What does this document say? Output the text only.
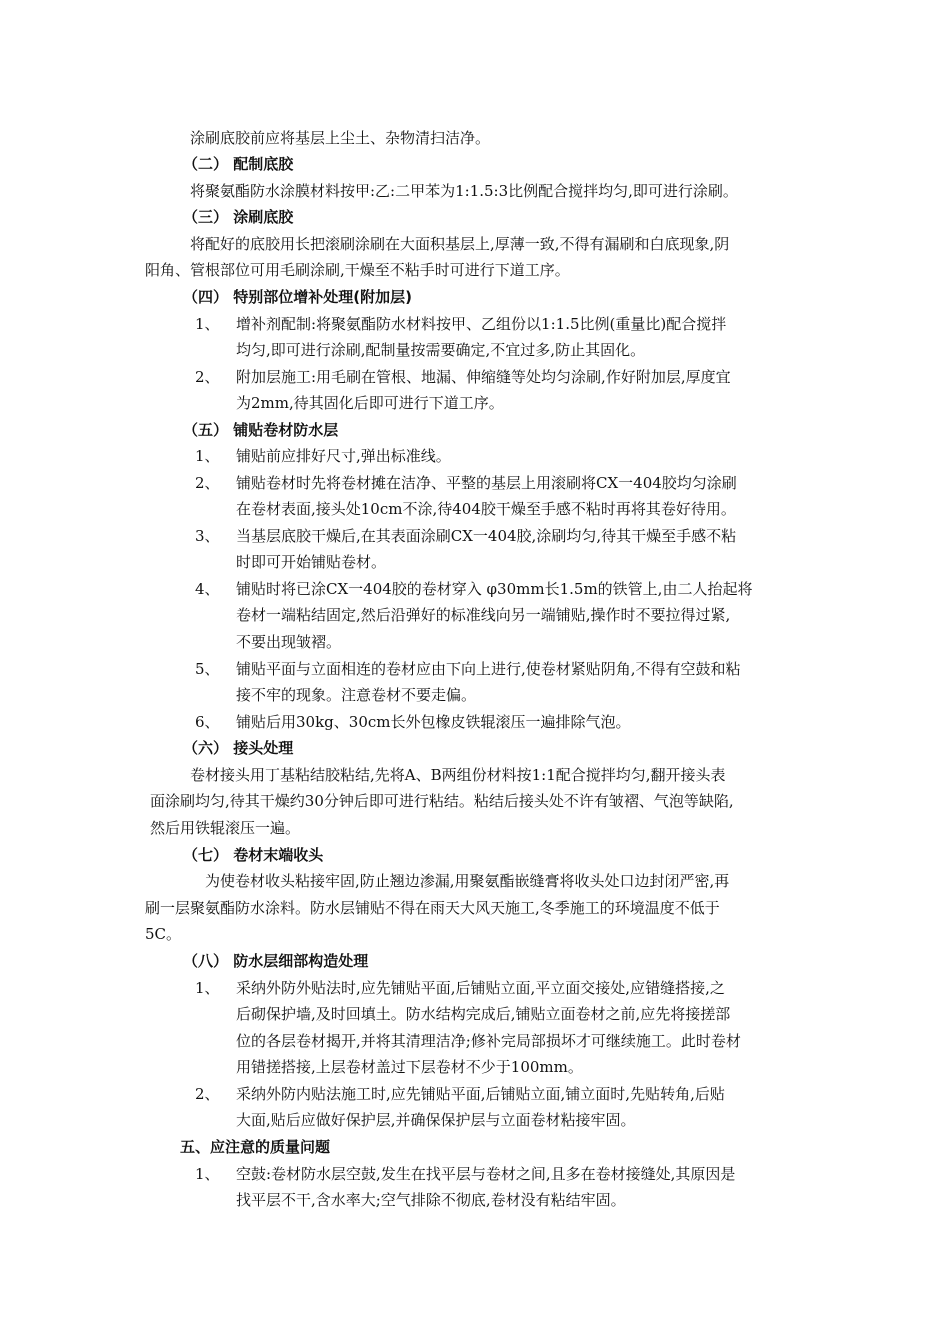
涂刷底胶前应将基层上尘土、杂物清扫洁净。
（二） 配制底胶
将聚氨酯防水涂膜材料按甲:乙:二甲苯为1:1.5:3比例配合搅拌均匀,即可进行涂刷。
（三） 涂刷底胶
将配好的底胶用长把滚刷涂刷在大面积基层上,厚薄一致,不得有漏刷和白底现象,阴
阳角、管根部位可用毛刷涂刷,干燥至不粘手时可进行下道工序。
（四） 特别部位增补处理(附加层)
1、 增补剂配制:将聚氨酯防水材料按甲、乙组份以1:1.5比例(重量比)配合搅拌
均匀,即可进行涂刷,配制量按需要确定,不宜过多,防止其固化。
2、 附加层施工:用毛刷在管根、地漏、伸缩缝等处均匀涂刷,作好附加层,厚度宜
为2mm,待其固化后即可进行下道工序。
（五） 铺贴卷材防水层
1、 铺贴前应排好尺寸,弹出标准线。
2、 铺贴卷材时先将卷材摊在洁净、平整的基层上用滚刷将CX一404胶均匀涂刷
在卷材表面,接头处10cm不涂,待404胶干燥至手感不粘时再将其卷好待用。
3、 当基层底胶干燥后,在其表面涂刷CX一404胶,涂刷均匀,待其干燥至手感不粘
时即可开始铺贴卷材。
4、 铺贴时将已涂CX一404胶的卷材穿入 φ30mm长1.5m的铁管上,由二人抬起将
卷材一端粘结固定,然后沿弹好的标准线向另一端铺贴,操作时不要拉得过紧,
不要出现皱褶。
5、 铺贴平面与立面相连的卷材应由下向上进行,使卷材紧贴阴角,不得有空鼓和粘
接不牢的现象。注意卷材不要走偏。
6、 铺贴后用30kg、30cm长外包橡皮铁辊滚压一遍排除气泡。
（六） 接头处理
卷材接头用丁基粘结胶粘结,先将A、B两组份材料按1:1配合搅拌均匀,翻开接头表
面涂刷均匀,待其干燥约30分钟后即可进行粘结。粘结后接头处不许有皱褶、气泡等缺陷,
然后用铁辊滚压一遍。
（七） 卷材末端收头
为使卷材收头粘接牢固,防止翘边渗漏,用聚氨酯嵌缝膏将收头处口边封闭严密,再
刷一层聚氨酯防水涂料。防水层铺贴不得在雨天大风天施工,冬季施工的环境温度不低于
5C。
（八） 防水层细部构造处理
1、 采纳外防外贴法时,应先铺贴平面,后铺贴立面,平立面交接处,应错缝搭接,之
后砌保护墙,及时回填土。防水结构完成后,铺贴立面卷材之前,应先将接搓部
位的各层卷材揭开,并将其清理洁净;修补完局部损坏才可继续施工。此时卷材
用错搓搭接,上层卷材盖过下层卷材不少于100mm。
2、 采纳外防内贴法施工时,应先铺贴平面,后铺贴立面,铺立面时,先贴转角,后贴
大面,贴后应做好保护层,并确保保护层与立面卷材粘接牢固。
五、应注意的质量问题
1、 空鼓:卷材防水层空鼓,发生在找平层与卷材之间,且多在卷材接缝处,其原因是
找平层不干,含水率大;空气排除不彻底,卷材没有粘结牢固。
